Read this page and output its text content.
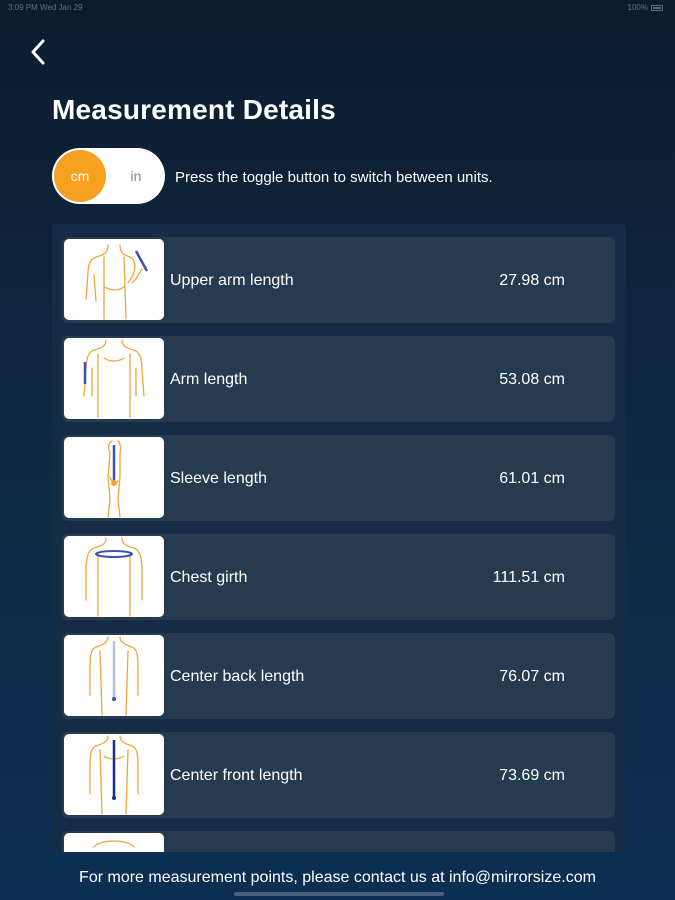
3:09 PM Wed Jan 29	100%
Measurement Details
cm	in	Press the toggle button to switch between units.
Upper arm length	27.98 cm
Arm length	53.08 cm
Sleeve length	61.01 cm
Chest girth	111.51 cm
Center back length	76.07 cm
Center front length	73.69 cm
For more measurement points, please contact us at info@mirrorsize.com
